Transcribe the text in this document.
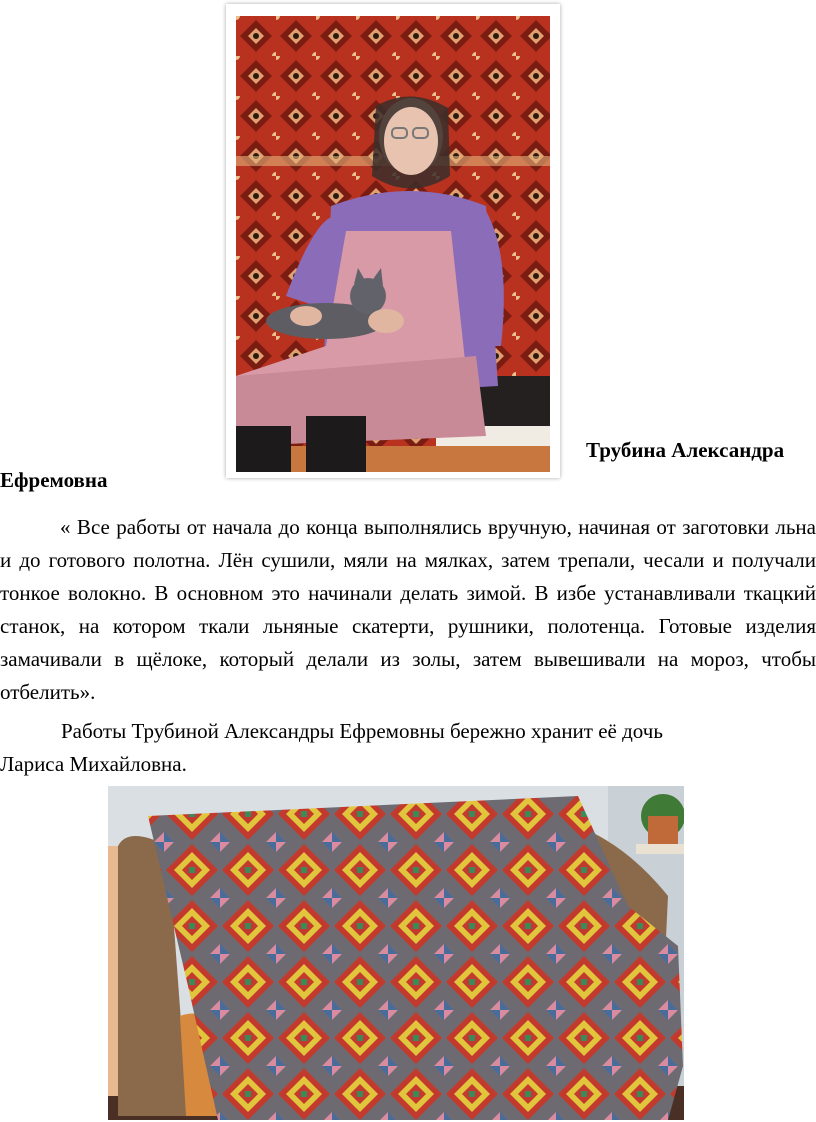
Трубина Александра
Ефремовна

« Все работы от начала до конца выполнялись вручную, начиная от заготовки льна и до готового полотна. Лён сушили, мяли на мялках, затем трепали, чесали и получали тонкое волокно. В основном это начинали делать зимой. В избе устанавливали ткацкий станок, на котором ткали льняные скатерти, рушники, полотенца. Готовые изделия замачивали в щёлоке, который делали из золы, затем вывешивали на мороз, чтобы отбелить».

Работы Трубиной Александры Ефремовны бережно хранит её дочь
Лариса Михайловна.
